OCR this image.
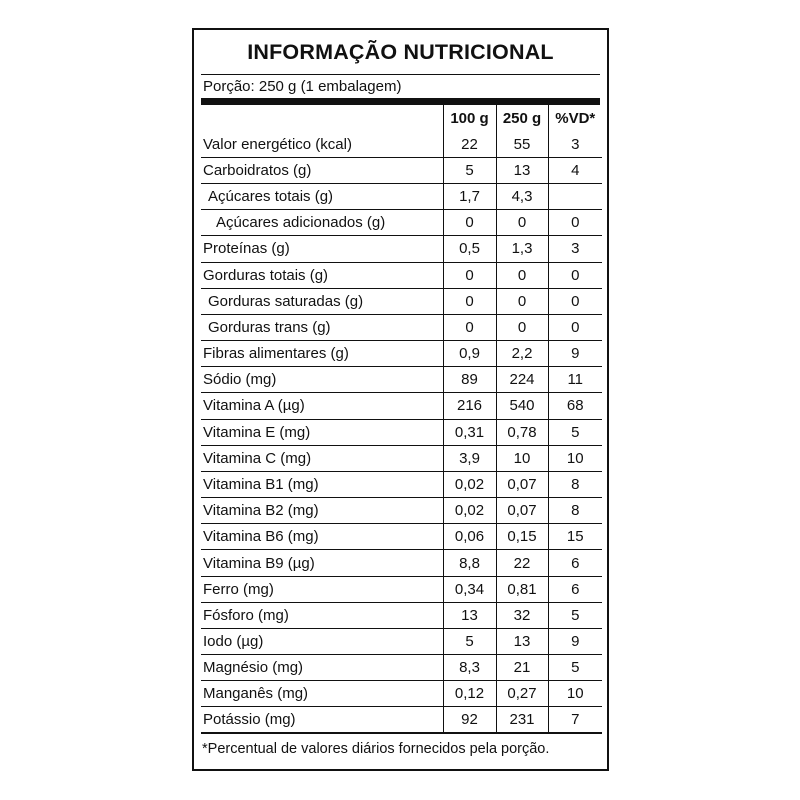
INFORMAÇÃO NUTRICIONAL
Porção: 250 g (1 embalagem)
	100 g	250 g	%VD*
Valor energético (kcal)	22	55	3
Carboidratos (g)	5	13	4
Açúcares totais (g)	1,7	4,3	
Açúcares adicionados (g)	0	0	0
Proteínas (g)	0,5	1,3	3
Gorduras totais (g)	0	0	0
Gorduras saturadas (g)	0	0	0
Gorduras trans (g)	0	0	0
Fibras alimentares (g)	0,9	2,2	9
Sódio (mg)	89	224	11
Vitamina A (µg)	216	540	68
Vitamina E (mg)	0,31	0,78	5
Vitamina C (mg)	3,9	10	10
Vitamina B1 (mg)	0,02	0,07	8
Vitamina B2 (mg)	0,02	0,07	8
Vitamina B6 (mg)	0,06	0,15	15
Vitamina B9 (µg)	8,8	22	6
Ferro (mg)	0,34	0,81	6
Fósforo (mg)	13	32	5
Iodo (µg)	5	13	9
Magnésio (mg)	8,3	21	5
Manganês (mg)	0,12	0,27	10
Potássio (mg)	92	231	7
*Percentual de valores diários fornecidos pela porção.
